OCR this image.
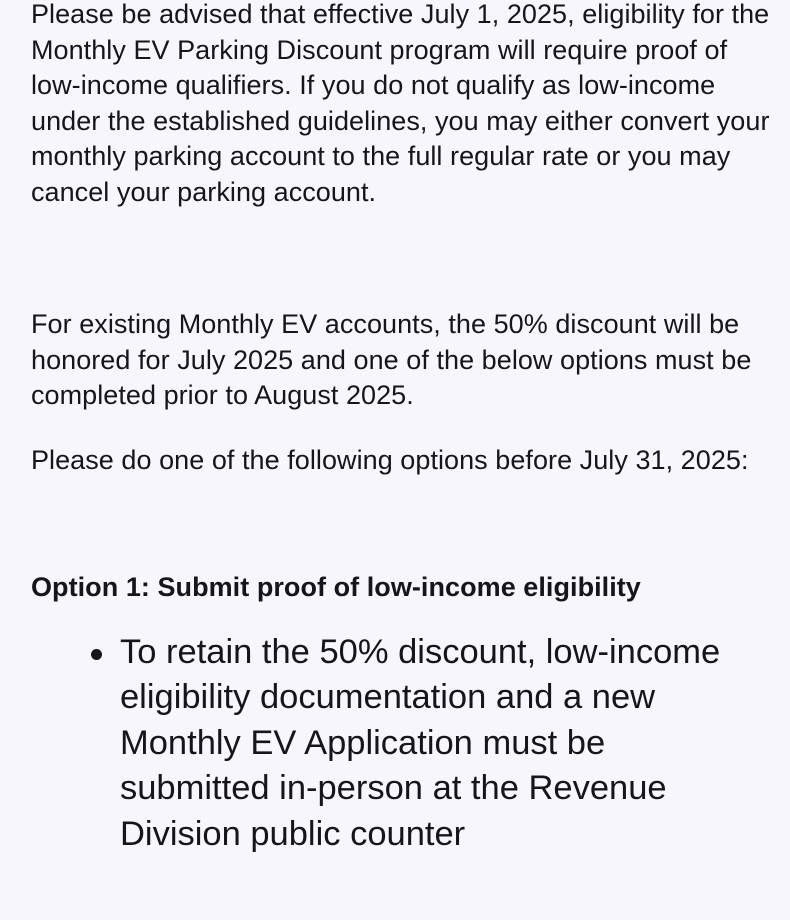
Please be advised that effective July 1, 2025, eligibility for the Monthly EV Parking Discount program will require proof of low-income qualifiers. If you do not qualify as low-income under the established guidelines, you may either convert your monthly parking account to the full regular rate or you may cancel your parking account.

For existing Monthly EV accounts, the 50% discount will be honored for July 2025 and one of the below options must be completed prior to August 2025.

Please do one of the following options before July 31, 2025:

Option 1: Submit proof of low-income eligibility
To retain the 50% discount, low-income eligibility documentation and a new Monthly EV Application must be submitted in-person at the Revenue Division public counter
